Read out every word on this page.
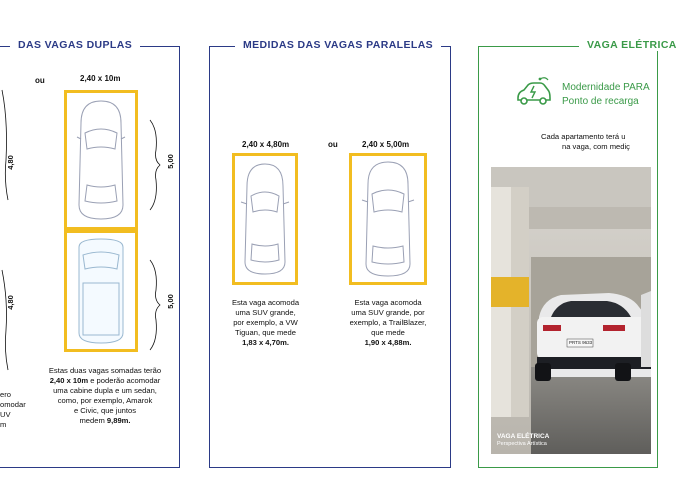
DAS VAGAS DUPLAS
ou	2,40 x 10m
4,80
4,80
5,00
5,00
ero
omodar
UV
m
Estas duas vagas somadas terão
2,40 x 10m e poderão acomodar
uma cabine dupla e um sedan,
como, por exemplo, Amarok
e Civic, que juntos
medem 9,89m.
MEDIDAS DAS VAGAS PARALELAS
2,40 x 4,80m	ou	2,40 x 5,00m
Esta vaga acomoda
uma SUV grande,
por exemplo, a VW
Tiguan, que mede
1,83 x 4,70m.
Esta vaga acomoda
uma SUV grande, por
exemplo, a TrailBlazer,
que mede
1,90 x 4,88m.
VAGA ELÉTRICA
Modernidade PARA
Ponto de recarga
Cada apartamento terá u
na vaga, com mediç
VAGA ELÉTRICA
Perspectiva Artística
PRTS 9633
